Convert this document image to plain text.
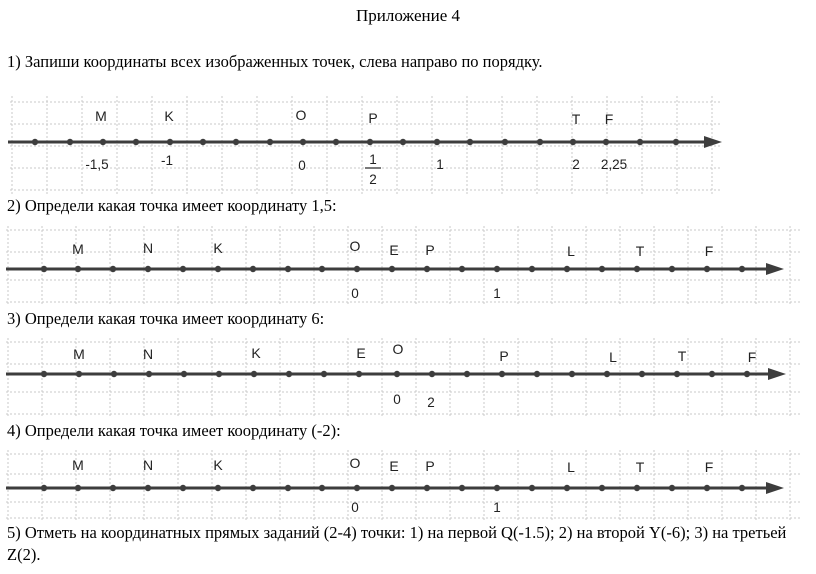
Приложение 4
1) Запиши координаты всех изображенных точек, слева направо по порядку.
M	K	O	P	T F
-1,5	-1	0	1
2
1	2 2,25
2) Определи какая точка имеет координату 1,5:
M	N	K	O E P	L	T	F
0	1
3) Определи какая точка имеет координату 6:
M	N	K	E O	P	L	T	F
0 2
4) Определи какая точка имеет координату (-2):
M	N	K	O E P	L	T	F
0	1
5) Отметь на координатных прямых заданий (2-4) точки: 1) на первой Q(-1.5); 2) на второй Y(-6); 3) на третьей Z(2).
